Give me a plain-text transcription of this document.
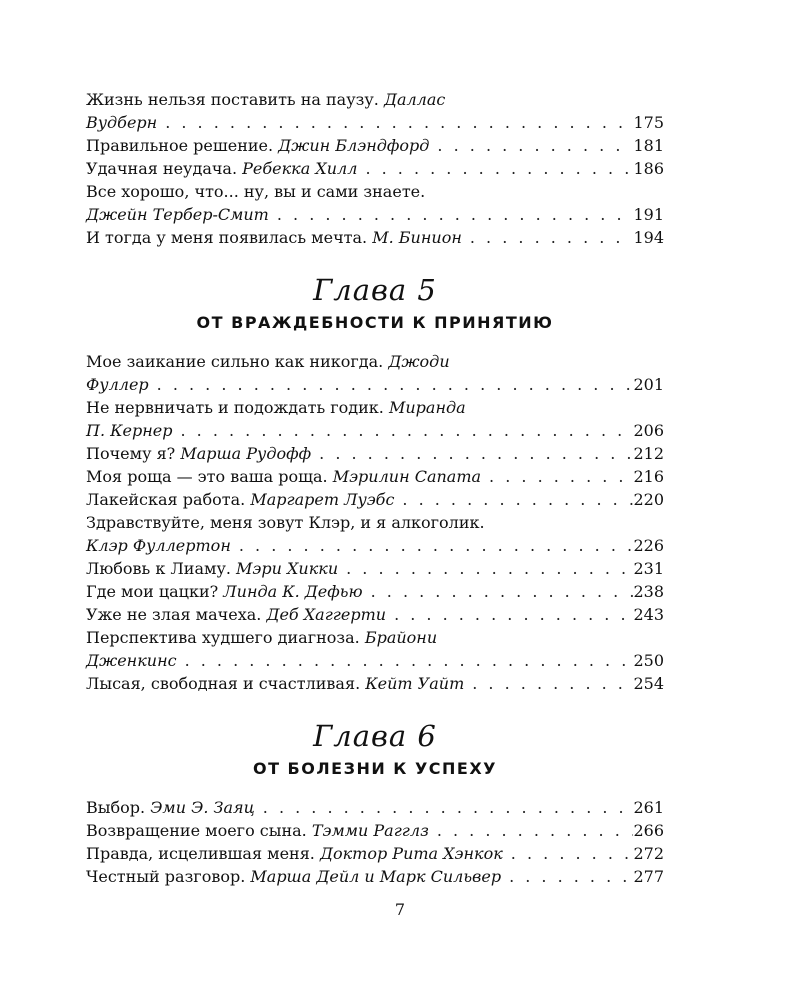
Жизнь нельзя поставить на паузу. Даллас
Вудберн . . .	175
Правильное решение. Джин Блэндфорд . . .	181
Удачная неудача. Ребекка Хилл . . .	186
Все хорошо, что... ну, вы и сами знаете.
Джейн Тербер-Смит . . .	191
И тогда у меня появилась мечта. М. Бинион . . .	194
Глава 5
ОТ ВРАЖДЕБНОСТИ К ПРИНЯТИЮ
Мое заикание сильно как никогда. Джоди
Фуллер . . .	201
Не нервничать и подождать годик. Миранда
П. Кернер . . .	206
Почему я? Марша Рудофф . . .	212
Моя роща — это ваша роща. Мэрилин Сапата . . .	216
Лакейская работа. Маргарет Луэбс . . .	220
Здравствуйте, меня зовут Клэр, и я алкоголик.
Клэр Фуллертон . . .	226
Любовь к Лиаму. Мэри Хикки . . .	231
Где мои цацки? Линда К. Дефью . . .	238
Уже не злая мачеха. Деб Хаггерти . . .	243
Перспектива худшего диагноза. Брайони
Дженкинс . . .	250
Лысая, свободная и счастливая. Кейт Уайт . . .	254
Глава 6
ОТ БОЛЕЗНИ К УСПЕХУ
Выбор. Эми Э. Заяц . . .	261
Возвращение моего сына. Тэмми Рагглз . . .	266
Правда, исцелившая меня. Доктор Рита Хэнкок . . .	272
Честный разговор. Марша Дейл и Марк Сильвер . . .	277
7
